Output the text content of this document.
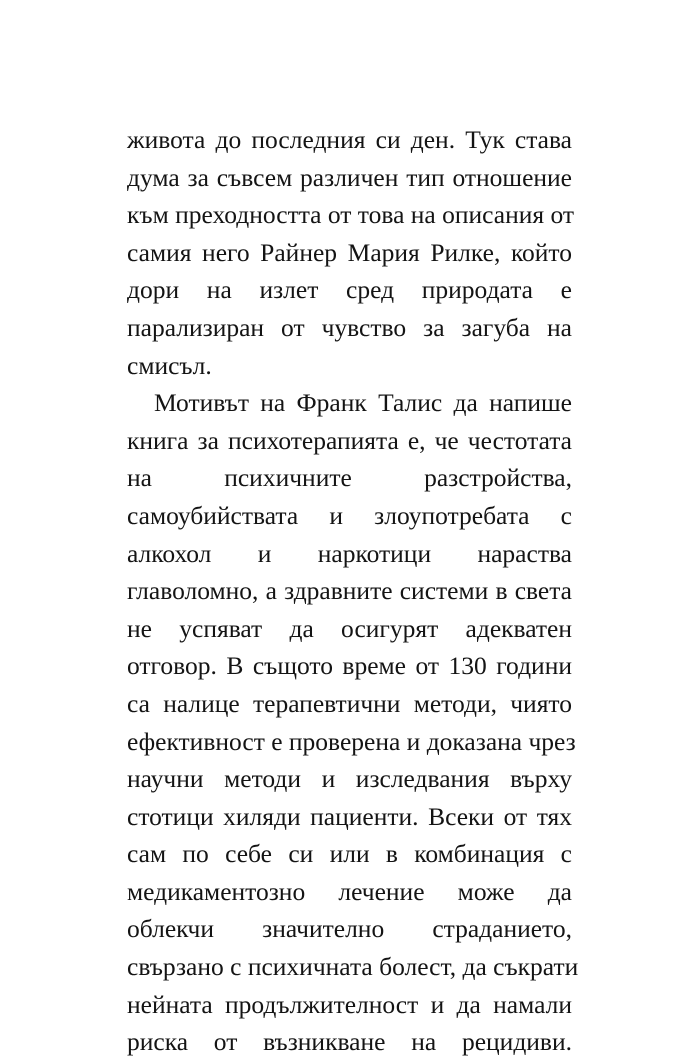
живота до последния си ден. Тук става
дума за съвсем различен тип отношение
към преходността от това на описания от
самия него Райнер Мария Рилке, който
дори на излет сред природата е
парализиран от чувство за загуба на
смисъл.
Мотивът на Франк Талис да напише
книга за психотерапията е, че честотата
на психичните разстройства,
самоубийствата и злоупотребата с
алкохол и наркотици нараства
главоломно, а здравните системи в света
не успяват да осигурят адекватен
отговор. В същото време от 130 години
са налице терапевтични методи, чиято
ефективност е проверена и доказана чрез
научни методи и изследвания върху
стотици хиляди пациенти. Всеки от тях
сам по себе си или в комбинация с
медикаментозно лечение може да
облекчи значително страданието,
свързано с психичната болест, да съкрати
нейната продължителност и да намали
риска от възникване на рецидиви.
